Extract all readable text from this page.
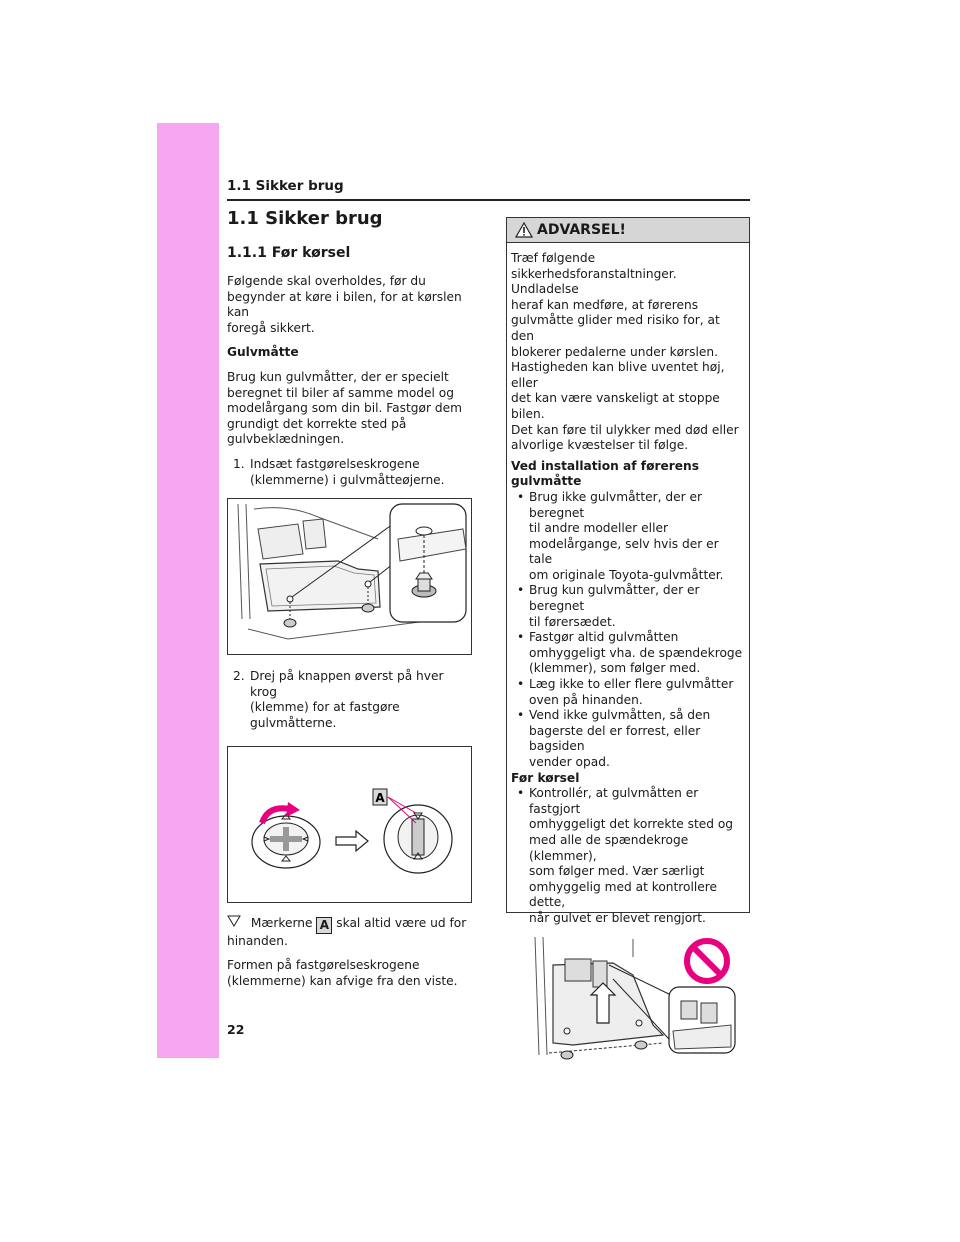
1.1 Sikker brug
1.1 Sikker brug
1.1.1 Før kørsel
Følgende skal overholdes, før du
begynder at køre i bilen, for at kørslen kan
foregå sikkert.
Gulvmåtte
Brug kun gulvmåtter, der er specielt
beregnet til biler af samme model og
modelårgang som din bil. Fastgør dem
grundigt det korrekte sted på
gulvbeklædningen.
1. Indsæt fastgørelseskrogene
(klemmerne) i gulvmåtteøjerne.
2. Drej på knappen øverst på hver krog
(klemme) for at fastgøre
gulvmåtterne.
A
Mærkerne A skal altid være ud for
hinanden.
Formen på fastgørelseskrogene
(klemmerne) kan afvige fra den viste.
ADVARSEL!
Træf følgende
sikkerhedsforanstaltninger. Undladelse
heraf kan medføre, at førerens
gulvmåtte glider med risiko for, at den
blokerer pedalerne under kørslen.
Hastigheden kan blive uventet høj, eller
det kan være vanskeligt at stoppe bilen.
Det kan føre til ulykker med død eller
alvorlige kvæstelser til følge.
Ved installation af førerens
gulvmåtte
• Brug ikke gulvmåtter, der er beregnet
til andre modeller eller
modelårgange, selv hvis der er tale
om originale Toyota-gulvmåtter.
• Brug kun gulvmåtter, der er beregnet
til førersædet.
• Fastgør altid gulvmåtten
omhyggeligt vha. de spændekroge
(klemmer), som følger med.
• Læg ikke to eller flere gulvmåtter
oven på hinanden.
• Vend ikke gulvmåtten, så den
bagerste del er forrest, eller bagsiden
vender opad.
Før kørsel
• Kontrollér, at gulvmåtten er fastgjort
omhyggeligt det korrekte sted og
med alle de spændekroge (klemmer),
som følger med. Vær særligt
omhyggelig med at kontrollere dette,
når gulvet er blevet rengjort.
22
